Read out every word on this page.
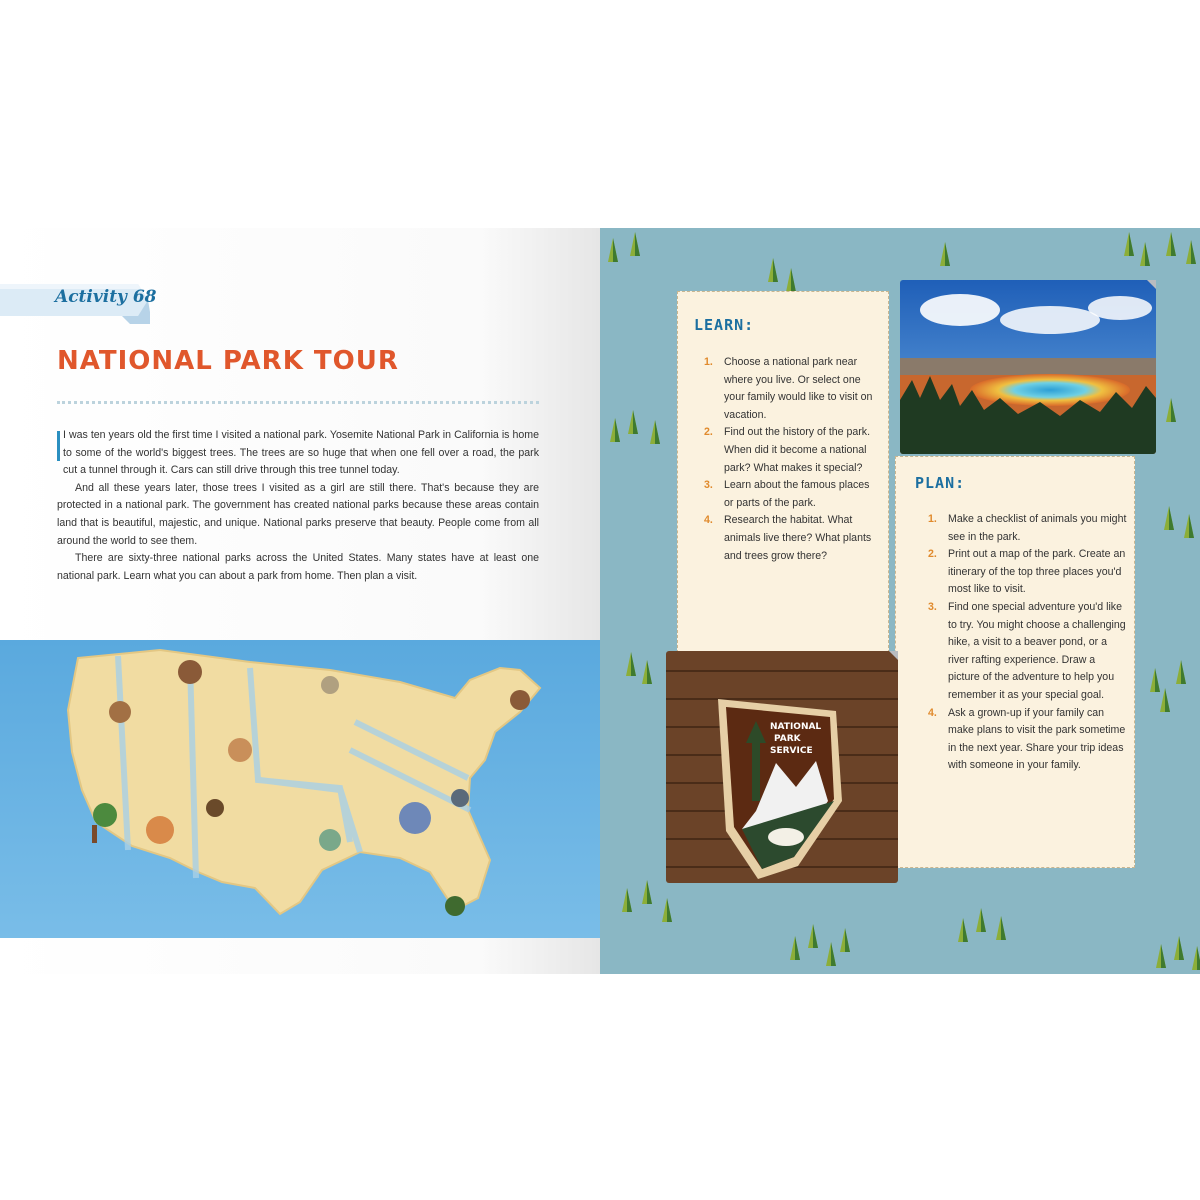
Activity 68
NATIONAL PARK TOUR

I was ten years old the first time I visited a national park. Yosemite National Park in California is home to some of the world's biggest trees. The trees are so huge that when one fell over a road, the park cut a tunnel through it. Cars can still drive through this tree tunnel today.

And all these years later, those trees I visited as a girl are still there. That's because they are protected in a national park. The government has created national parks because these areas contain land that is beautiful, majestic, and unique. National parks preserve that beauty. People come from all around the world to see them.

There are sixty-three national parks across the United States. Many states have at least one national park. Learn what you can about a park from home. Then plan a visit.

LEARN:
1. Choose a national park near where you live. Or select one your family would like to visit on vacation.
2. Find out the history of the park. When did it become a national park? What makes it special?
3. Learn about the famous places or parts of the park.
4. Research the habitat. What animals live there? What plants and trees grow there?
PLAN:
1. Make a checklist of animals you might see in the park.
2. Print out a map of the park. Create an itinerary of the top three places you'd most like to visit.
3. Find one special adventure you'd like to try. You might choose a challenging hike, a visit to a beaver pond, or a river rafting experience. Draw a picture of the adventure to help you remember it as your special goal.
4. Ask a grown-up if your family can make plans to visit the park sometime in the next year. Share your trip ideas with someone in your family.
NATIONAL
PARK
SERVICE
